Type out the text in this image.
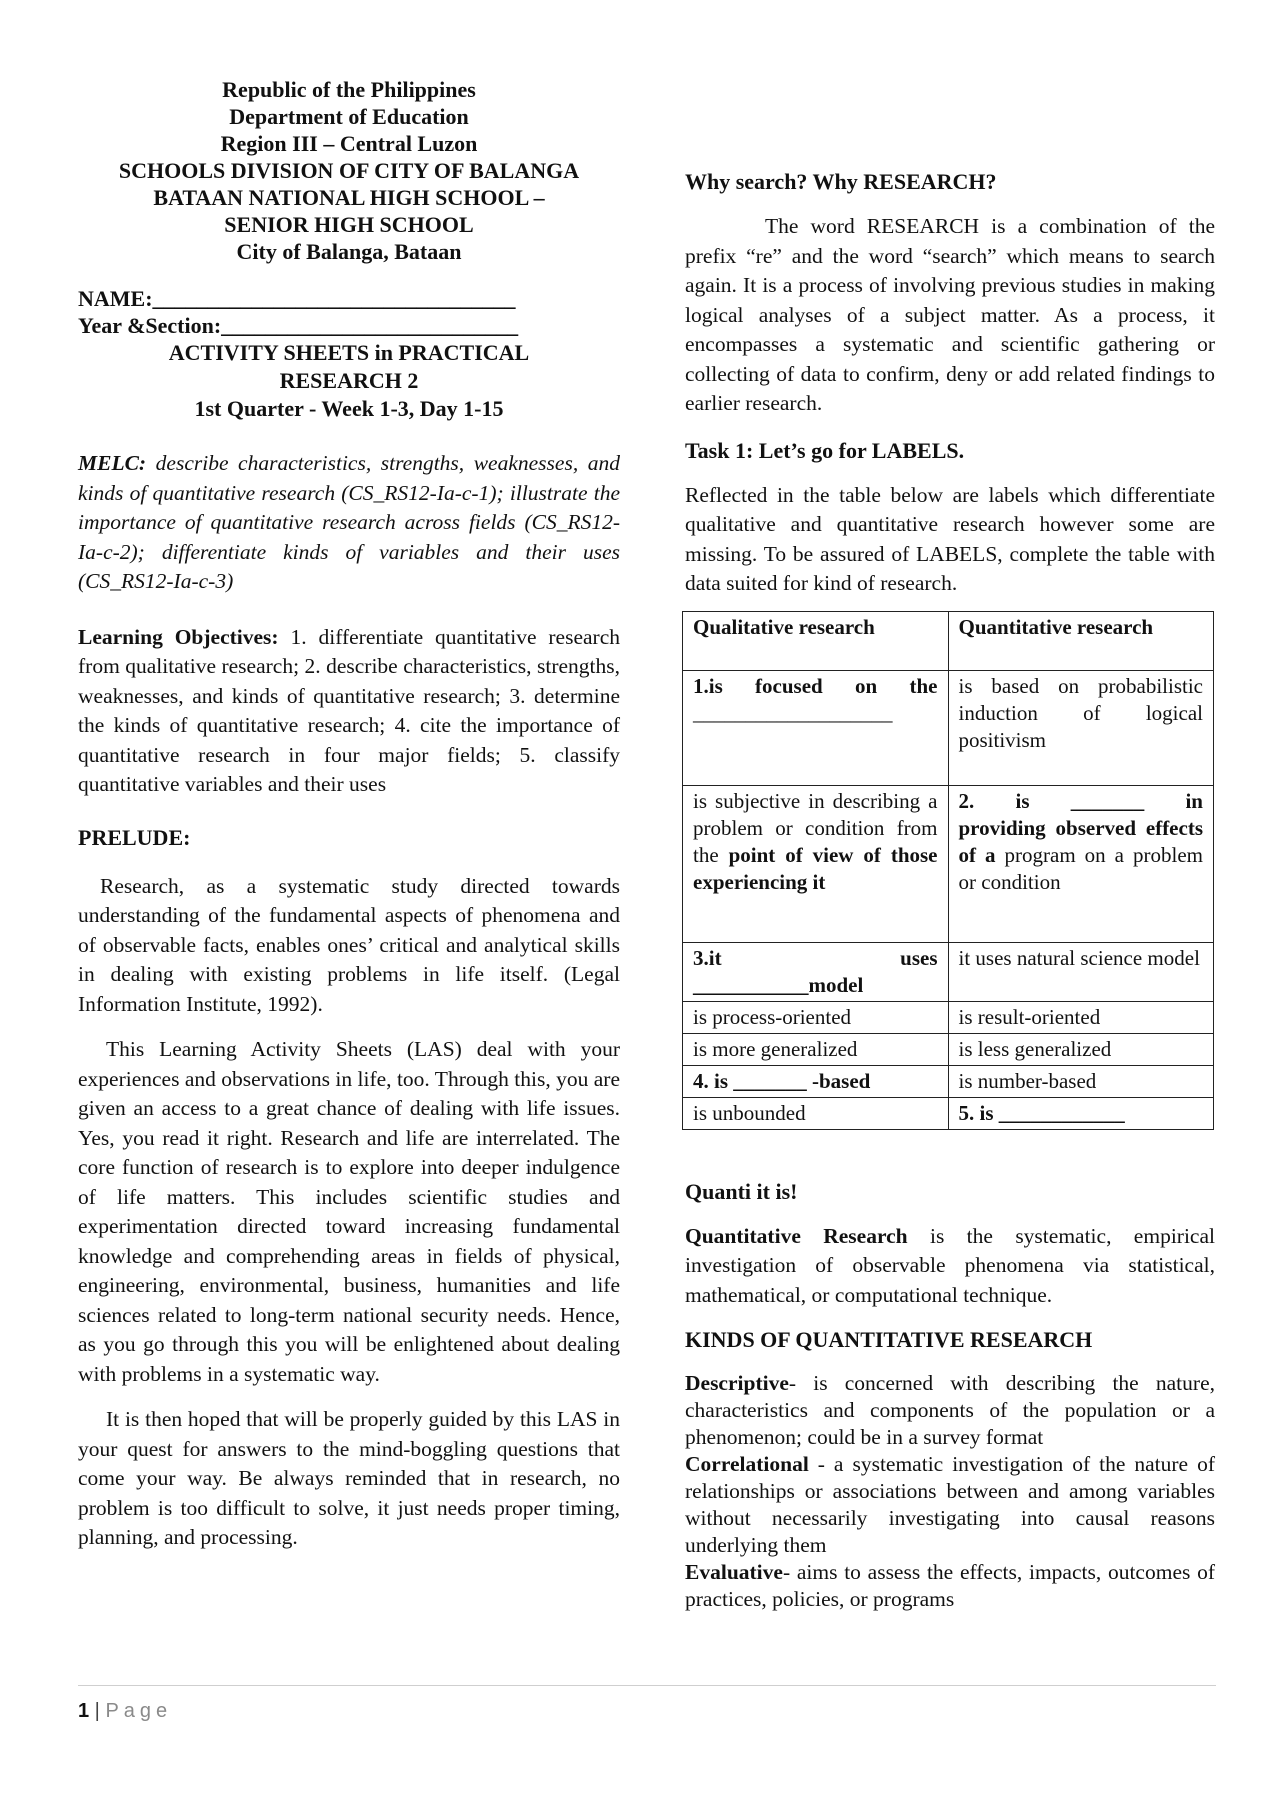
Republic of the Philippines
Department of Education
Region III – Central Luzon
SCHOOLS DIVISION OF CITY OF BALANGA
BATAAN NATIONAL HIGH SCHOOL –
SENIOR HIGH SCHOOL
City of Balanga, Bataan
NAME:_________________________________
Year &Section:___________________________
ACTIVITY SHEETS in PRACTICAL
RESEARCH 2
1st Quarter - Week 1-3, Day 1-15

MELC: describe characteristics, strengths, weaknesses, and kinds of quantitative research (CS_RS12-Ia-c-1); illustrate the importance of quantitative research across fields (CS_RS12-Ia-c-2); differentiate kinds of variables and their uses (CS_RS12-Ia-c-3)

Learning Objectives: 1. differentiate quantitative research from qualitative research; 2. describe characteristics, strengths, weaknesses, and kinds of quantitative research; 3. determine the kinds of quantitative research; 4. cite the importance of quantitative research in four major fields; 5. classify quantitative variables and their uses

PRELUDE:

Research, as a systematic study directed towards understanding of the fundamental aspects of phenomena and of observable facts, enables ones’ critical and analytical skills in dealing with existing problems in life itself. (Legal Information Institute, 1992).

This Learning Activity Sheets (LAS) deal with your experiences and observations in life, too. Through this, you are given an access to a great chance of dealing with life issues. Yes, you read it right. Research and life are interrelated. The core function of research is to explore into deeper indulgence of life matters. This includes scientific studies and experimentation directed toward increasing fundamental knowledge and comprehending areas in fields of physical, engineering, environmental, business, humanities and life sciences related to long-term national security needs. Hence, as you go through this you will be enlightened about dealing with problems in a systematic way.

It is then hoped that will be properly guided by this LAS in your quest for answers to the mind-boggling questions that come your way. Be always reminded that in research, no problem is too difficult to solve, it just needs proper timing, planning, and processing.

Why search? Why RESEARCH?

The word RESEARCH is a combination of the prefix “re” and the word “search” which means to search again. It is a process of involving previous studies in making logical analyses of a subject matter. As a process, it encompasses a systematic and scientific gathering or collecting of data to confirm, deny or add related findings to earlier research.

Task 1: Let’s go for LABELS.

Reflected in the table below are labels which differentiate qualitative and quantitative research however some are missing. To be assured of LABELS, complete the table with data suited for kind of research.

Qualitative research	Quantitative research

1.is focused on the
___________________	is based on probabilistic induction of logical positivism
is subjective in describing a problem or condition from the point of view of those experiencing it	2. is _______ in
providing observed effects of a program on a problem or condition

3.it uses
___________model	it uses natural science model
is process-oriented	is result-oriented
is more generalized	is less generalized
4. is _______ -based	is number-based
is unbounded	5. is ____________
Quanti it is!

Quantitative Research is the systematic, empirical investigation of observable phenomena via statistical, mathematical, or computational technique.

KINDS OF QUANTITATIVE RESEARCH

Descriptive- is concerned with describing the nature, characteristics and components of the population or a phenomenon; could be in a survey format
Correlational - a systematic investigation of the nature of relationships or associations between and among variables without necessarily investigating into causal reasons underlying them
Evaluative- aims to assess the effects, impacts, outcomes of practices, policies, or programs

1 | Page
